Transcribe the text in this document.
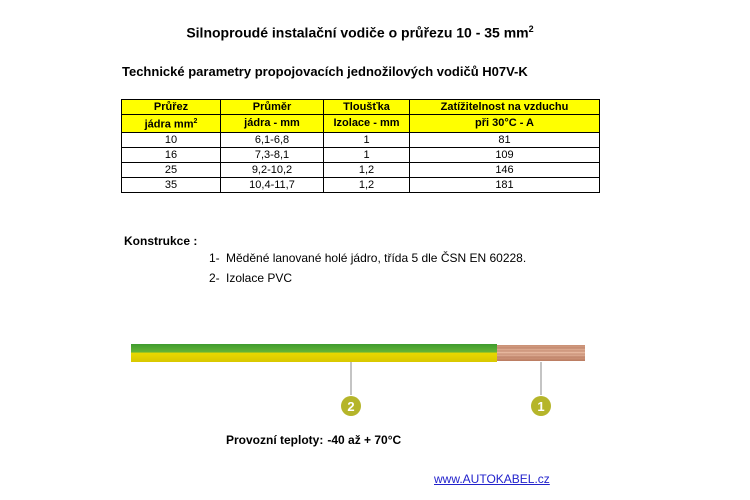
Silnoproudé instalační vodiče o průřezu 10 - 35 $mm^2$
Technické parametry propojovacích jednožilových vodičů H07V-K
Průřez	Průměr	Tloušťka	Zatížitelnost na vzduchu
jádra $mm^2$	jádra - mm	Izolace - mm	při 30°C - A
10	6,1-6,8	1	81
16	7,3-8,1	1	109
25	9,2-10,2	1,2	146
35	10,4-11,7	1,2	181
Konstrukce :
1- Měděné lanované holé jádro, třída 5 dle ČSN EN 60228.
2- Izolace PVC
2	1
Provozní teploty: -40 až + 70°C
www.AUTOKABEL.cz
